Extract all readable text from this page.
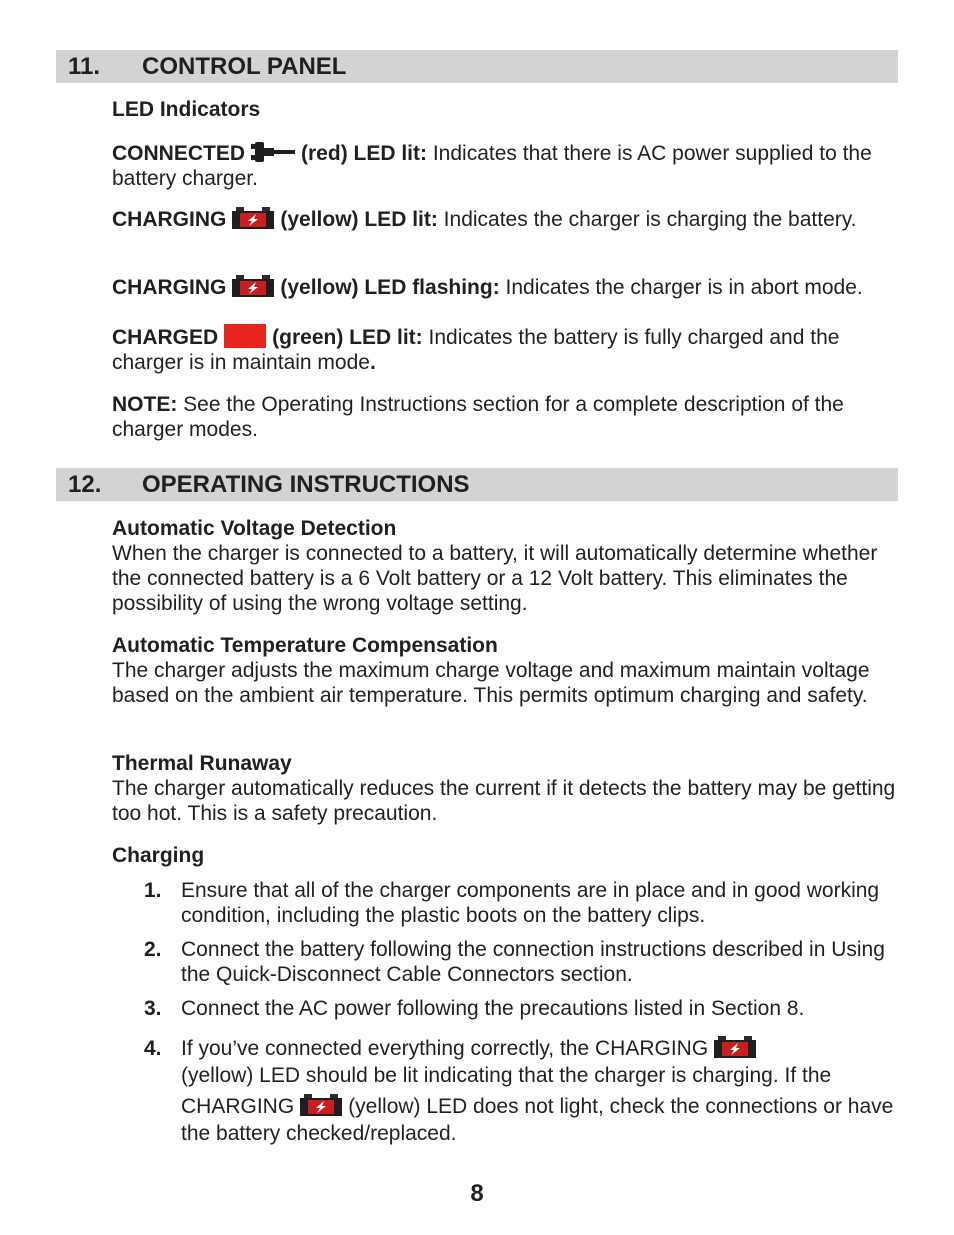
11. CONTROL PANEL

LED Indicators

CONNECTED	(red) LED lit: Indicates that there is AC power supplied to the battery charger.

CHARGING	(yellow) LED lit: Indicates the charger is charging the battery.

CHARGING	(yellow) LED flashing: Indicates the charger is in abort mode.

CHARGED	(green) LED lit: Indicates the battery is fully charged and the charger is in maintain mode.

NOTE: See the Operating Instructions section for a complete description of the charger modes.

12. OPERATING INSTRUCTIONS

Automatic Voltage Detection

When the charger is connected to a battery, it will automatically determine whether the connected battery is a 6 Volt battery or a 12 Volt battery. This eliminates the possibility of using the wrong voltage setting.

Automatic Temperature Compensation

The charger adjusts the maximum charge voltage and maximum maintain voltage based on the ambient air temperature. This permits optimum charging and safety.

Thermal Runaway

The charger automatically reduces the current if it detects the battery may be getting too hot. This is a safety precaution.

Charging

1. Ensure that all of the charger components are in place and in good working condition, including the plastic boots on the battery clips.
2. Connect the battery following the connection instructions described in Using the Quick-Disconnect Cable Connectors section.
3. Connect the AC power following the precautions listed in Section 8.
4. If you’ve connected everything correctly, the CHARGING
(yellow) LED should be lit indicating that the charger is charging. If the
CHARGING	(yellow) LED does not light, check the connections or have the battery checked/replaced.
8
